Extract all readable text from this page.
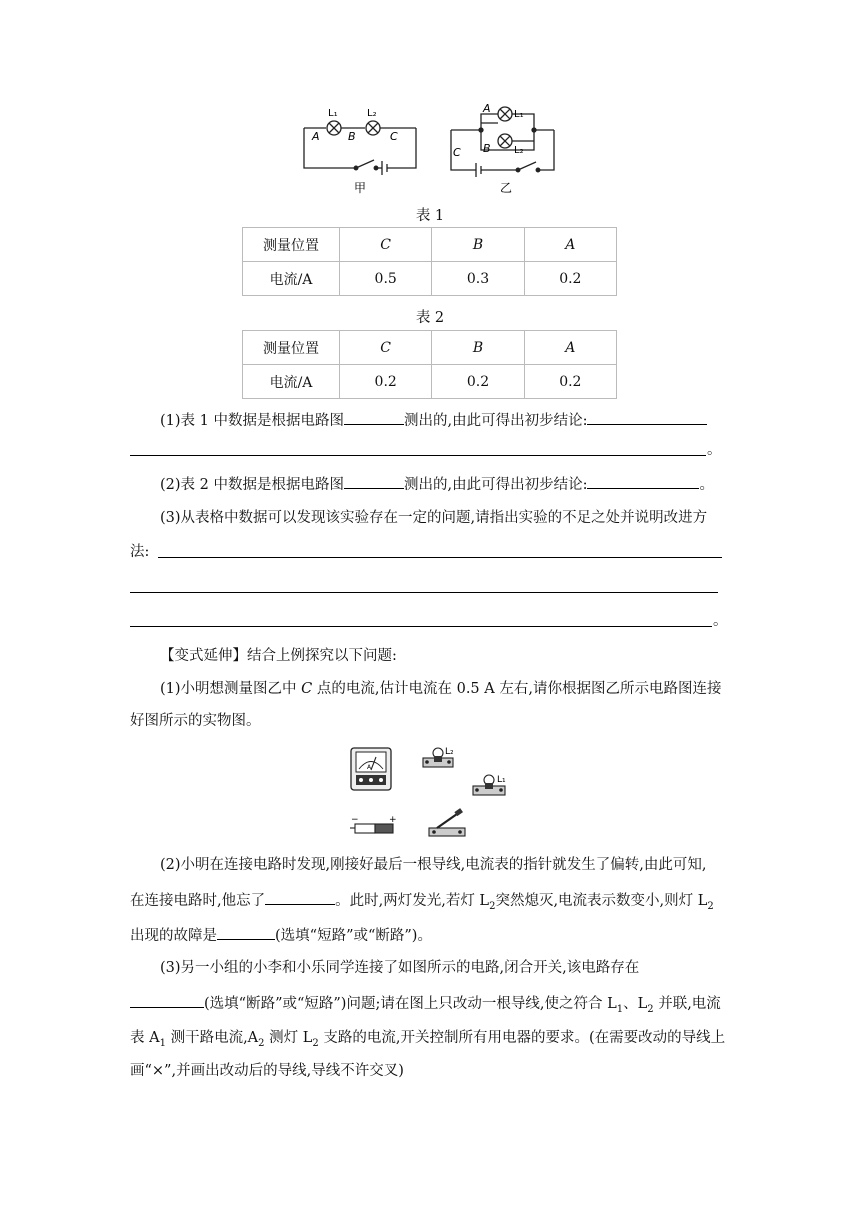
L₁	L₂
A	B	C
甲
A L₁
B L₂
C
乙
表 1
测量位置	C	B	A
电流/A	0.5	0.3	0.2
表 2
测量位置	C	B	A
电流/A	0.2	0.2	0.2
(1)表 1 中数据是根据电路图	测出的,由此可得出初步结论:
。
(2)表 2 中数据是根据电路图	测出的,由此可得出初步结论:	。
(3)从表格中数据可以发现该实验存在一定的问题,请指出实验的不足之处并说明改进方
法:
。
【变式延伸】结合上例探究以下问题:
(1)小明想测量图乙中 C 点的电流,估计电流在 0.5 A 左右,请你根据图乙所示电路图连接
好图所示的实物图。
A
L₂
L₁
−	+
(2)小明在连接电路时发现,刚接好最后一根导线,电流表的指针就发生了偏转,由此可知,
在连接电路时,他忘了	。此时,两灯发光,若灯 $L_2$突然熄灭,电流表示数变小,则灯 $L_2$
出现的故障是	(选填“短路”或“断路”)。
(3)另一小组的小李和小乐同学连接了如图所示的电路,闭合开关,该电路存在
(选填“断路”或“短路”)问题;请在图上只改动一根导线,使之符合 $L_1$、$L_2$ 并联,电流
表 $A_1$ 测干路电流$,A_2$ 测灯 $L_2$ 支路的电流,开关控制所有用电器的要求。(在需要改动的导线上
画“×”,并画出改动后的导线,导线不许交叉)
